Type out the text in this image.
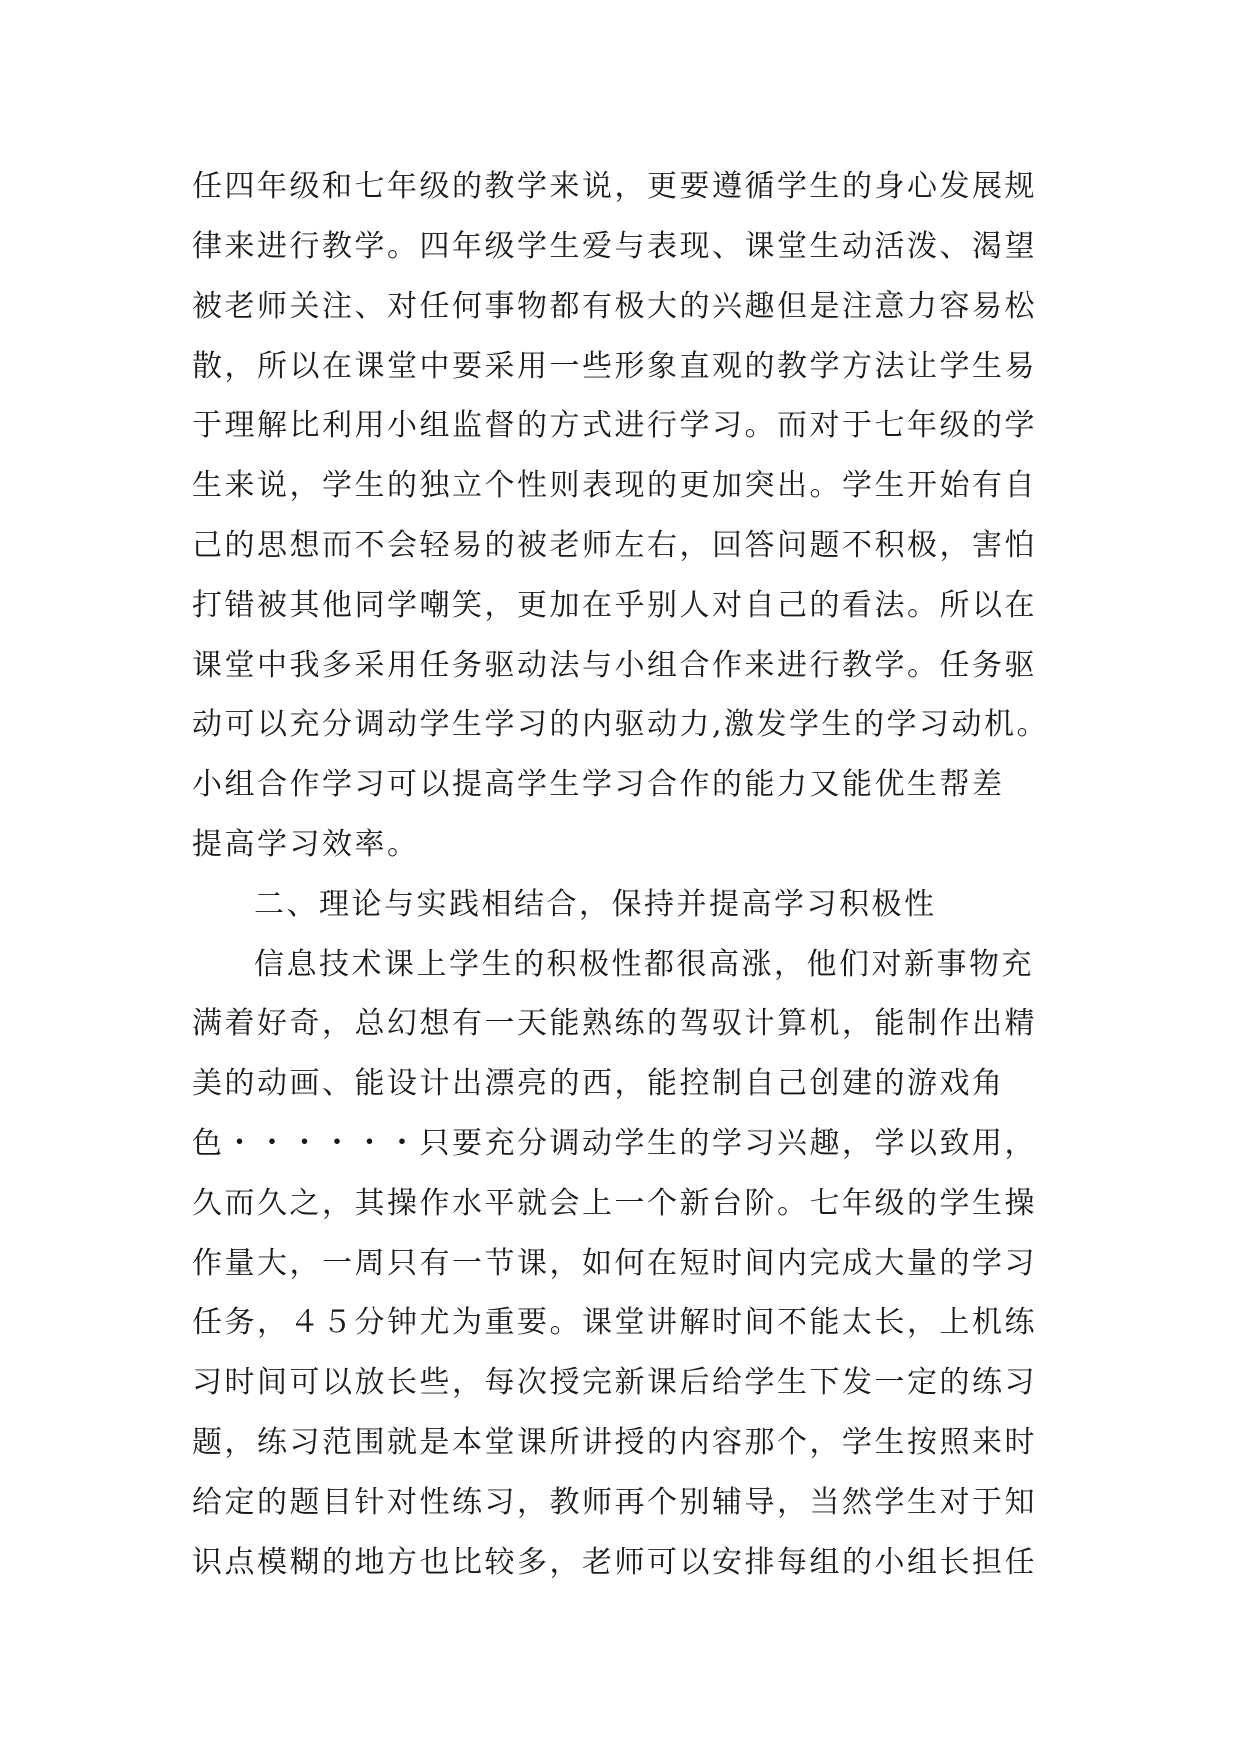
任四年级和七年级的教学来说，更要遵循学生的身心发展规
律来进行教学。四年级学生爱与表现、课堂生动活泼、渴望
被老师关注、对任何事物都有极大的兴趣但是注意力容易松
散，所以在课堂中要采用一些形象直观的教学方法让学生易
于理解比利用小组监督的方式进行学习。而对于七年级的学
生来说，学生的独立个性则表现的更加突出。学生开始有自
己的思想而不会轻易的被老师左右，回答问题不积极，害怕
打错被其他同学嘲笑，更加在乎别人对自己的看法。所以在
课堂中我多采用任务驱动法与小组合作来进行教学。任务驱
动可以充分调动学生学习的内驱动力,激发学生的学习动机。
小组合作学习可以提高学生学习合作的能力又能优生帮差
提高学习效率。
二、理论与实践相结合，保持并提高学习积极性
信息技术课上学生的积极性都很高涨，他们对新事物充
满着好奇，总幻想有一天能熟练的驾驭计算机，能制作出精
美的动画、能设计出漂亮的西，能控制自己创建的游戏角
色・・・・・・只要充分调动学生的学习兴趣，学以致用，
久而久之，其操作水平就会上一个新台阶。七年级的学生操
作量大，一周只有一节课，如何在短时间内完成大量的学习
任务，４５分钟尤为重要。课堂讲解时间不能太长，上机练
习时间可以放长些，每次授完新课后给学生下发一定的练习
题，练习范围就是本堂课所讲授的内容那个，学生按照来时
给定的题目针对性练习，教师再个别辅导，当然学生对于知
识点模糊的地方也比较多，老师可以安排每组的小组长担任
